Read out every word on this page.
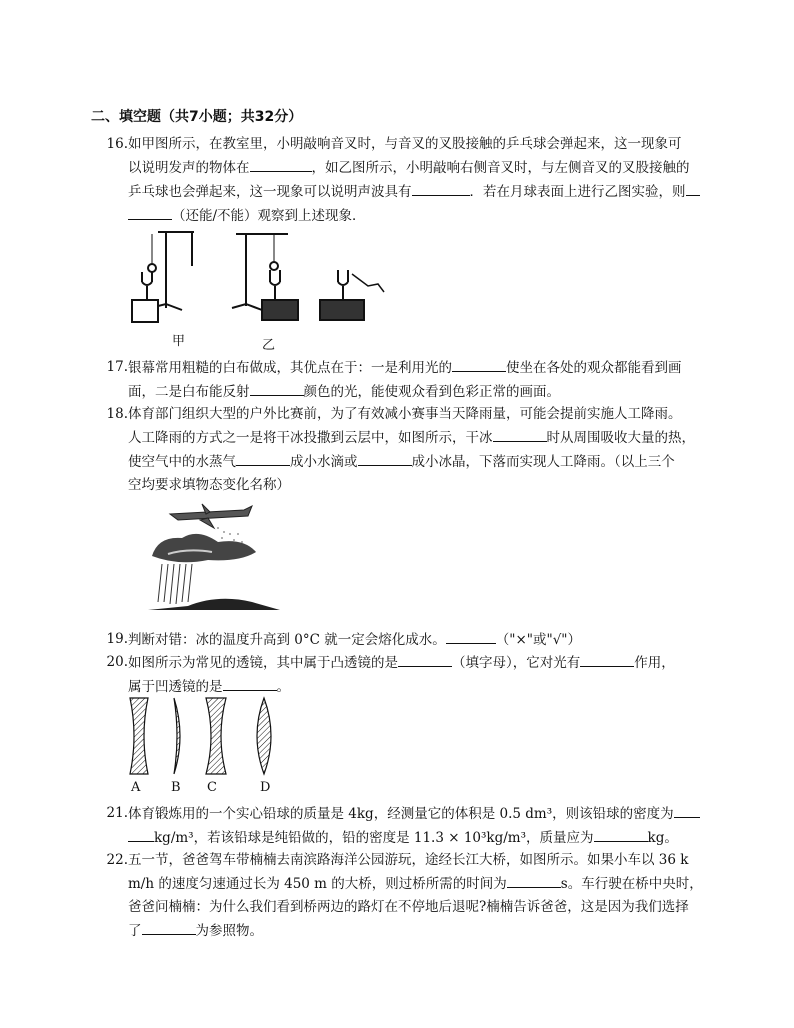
二、填空题（共7小题；共32分）
16. 如甲图所示，在教室里，小明敲响音叉时，与音叉的叉股接触的乒乓球会弹起来，这一现象可
以说明发声的物体在	，如乙图所示，小明敲响右侧音叉时，与左侧音叉的叉股接触的
乒乓球也会弹起来，这一现象可以说明声波具有	．若在月球表面上进行乙图实验，则
（还能/不能）观察到上述现象．
甲	乙
17. 银幕常用粗糙的白布做成，其优点在于：一是利用光的	使坐在各处的观众都能看到画
面，二是白布能反射	颜色的光，能使观众看到色彩正常的画面。
18. 体育部门组织大型的户外比赛前，为了有效减小赛事当天降雨量，可能会提前实施人工降雨。
人工降雨的方式之一是将干冰投撒到云层中，如图所示，干冰	时从周围吸收大量的热，
使空气中的水蒸气	成小水滴或	成小冰晶，下落而实现人工降雨。（以上三个
空均要求填物态变化名称）
19. 判断对错：冰的温度升高到 0°C 就一定会熔化成水。	（"×"或"√"）
20. 如图所示为常见的透镜，其中属于凸透镜的是	（填字母），它对光有	作用，
属于凹透镜的是	。
A B C	D
21. 体育锻炼用的一个实心铅球的质量是 4kg，经测量它的体积是 0.5 dm³，则该铅球的密度为
kg/m³，若该铅球是纯铅做的，铅的密度是 11.3 × 10³kg/m³，质量应为	kg。
22. 五一节，爸爸驾车带楠楠去南滨路海洋公园游玩，途经长江大桥，如图所示。如果小车以 36 k
m/h 的速度匀速通过长为 450 m 的大桥，则过桥所需的时间为	s。车行驶在桥中央时，
爸爸问楠楠：为什么我们看到桥两边的路灯在不停地后退呢?楠楠告诉爸爸，这是因为我们选择
了	为参照物。
